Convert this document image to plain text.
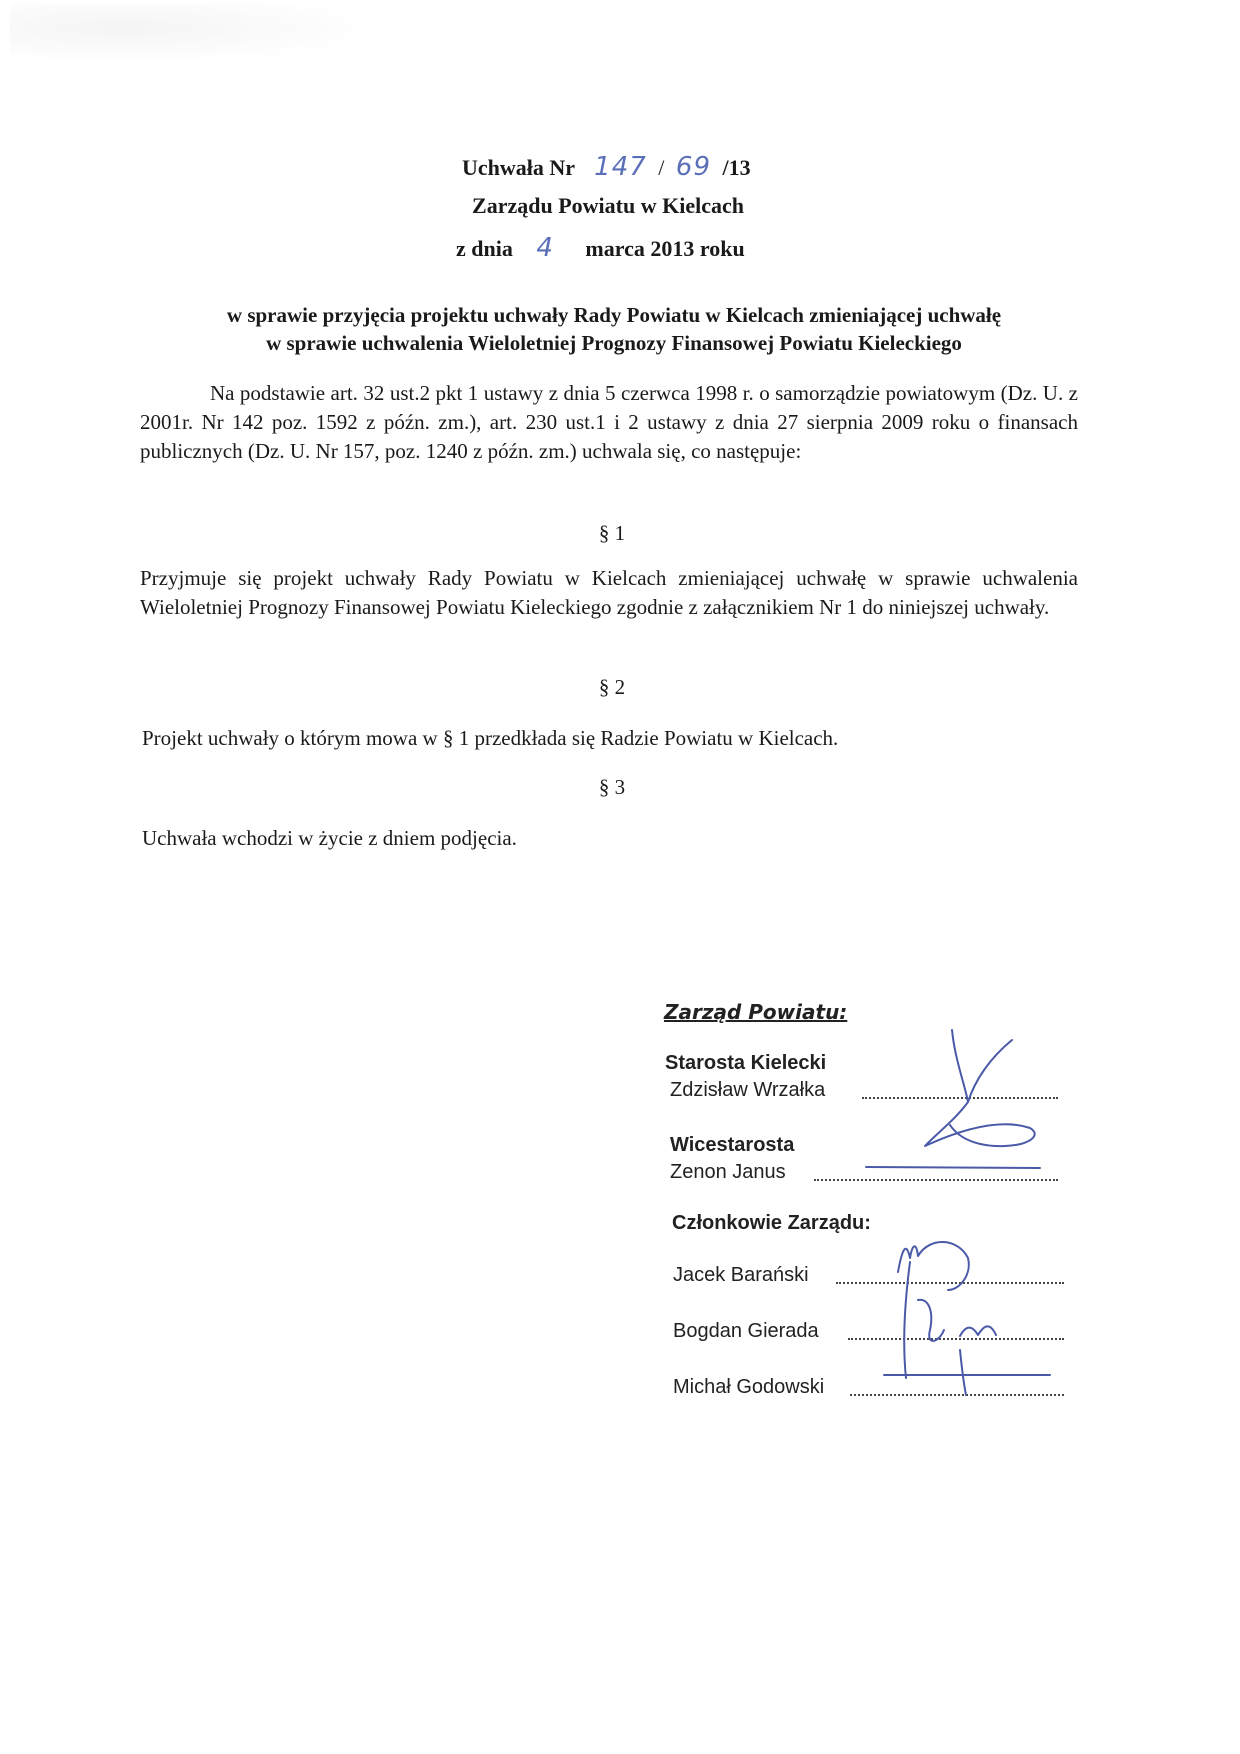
Uchwała Nr 147 / 69 /13
Zarządu Powiatu w Kielcach
z dnia 4 marca 2013 roku
w sprawie przyjęcia projektu uchwały Rady Powiatu w Kielcach zmieniającej uchwałę
w sprawie uchwalenia Wieloletniej Prognozy Finansowej Powiatu Kieleckiego
Na podstawie art. 32 ust.2 pkt 1 ustawy z dnia 5 czerwca 1998 r. o samorządzie powiatowym (Dz. U. z 2001r. Nr 142 poz. 1592 z późn. zm.), art. 230 ust.1 i 2 ustawy z dnia 27 sierpnia 2009 roku o finansach publicznych (Dz. U. Nr 157, poz. 1240 z późn. zm.) uchwala się, co następuje:
§ 1
Przyjmuje się projekt uchwały Rady Powiatu w Kielcach zmieniającej uchwałę w sprawie uchwalenia Wieloletniej Prognozy Finansowej Powiatu Kieleckiego zgodnie z załącznikiem Nr 1 do niniejszej uchwały.
§ 2
Projekt uchwały o którym mowa w § 1 przedkłada się Radzie Powiatu w Kielcach.
§ 3
Uchwała wchodzi w życie z dniem podjęcia.
Zarząd Powiatu:
Starosta Kielecki
Zdzisław Wrzałka
Wicestarosta
Zenon Janus
Członkowie Zarządu:
Jacek Barański
Bogdan Gierada
Michał Godowski
